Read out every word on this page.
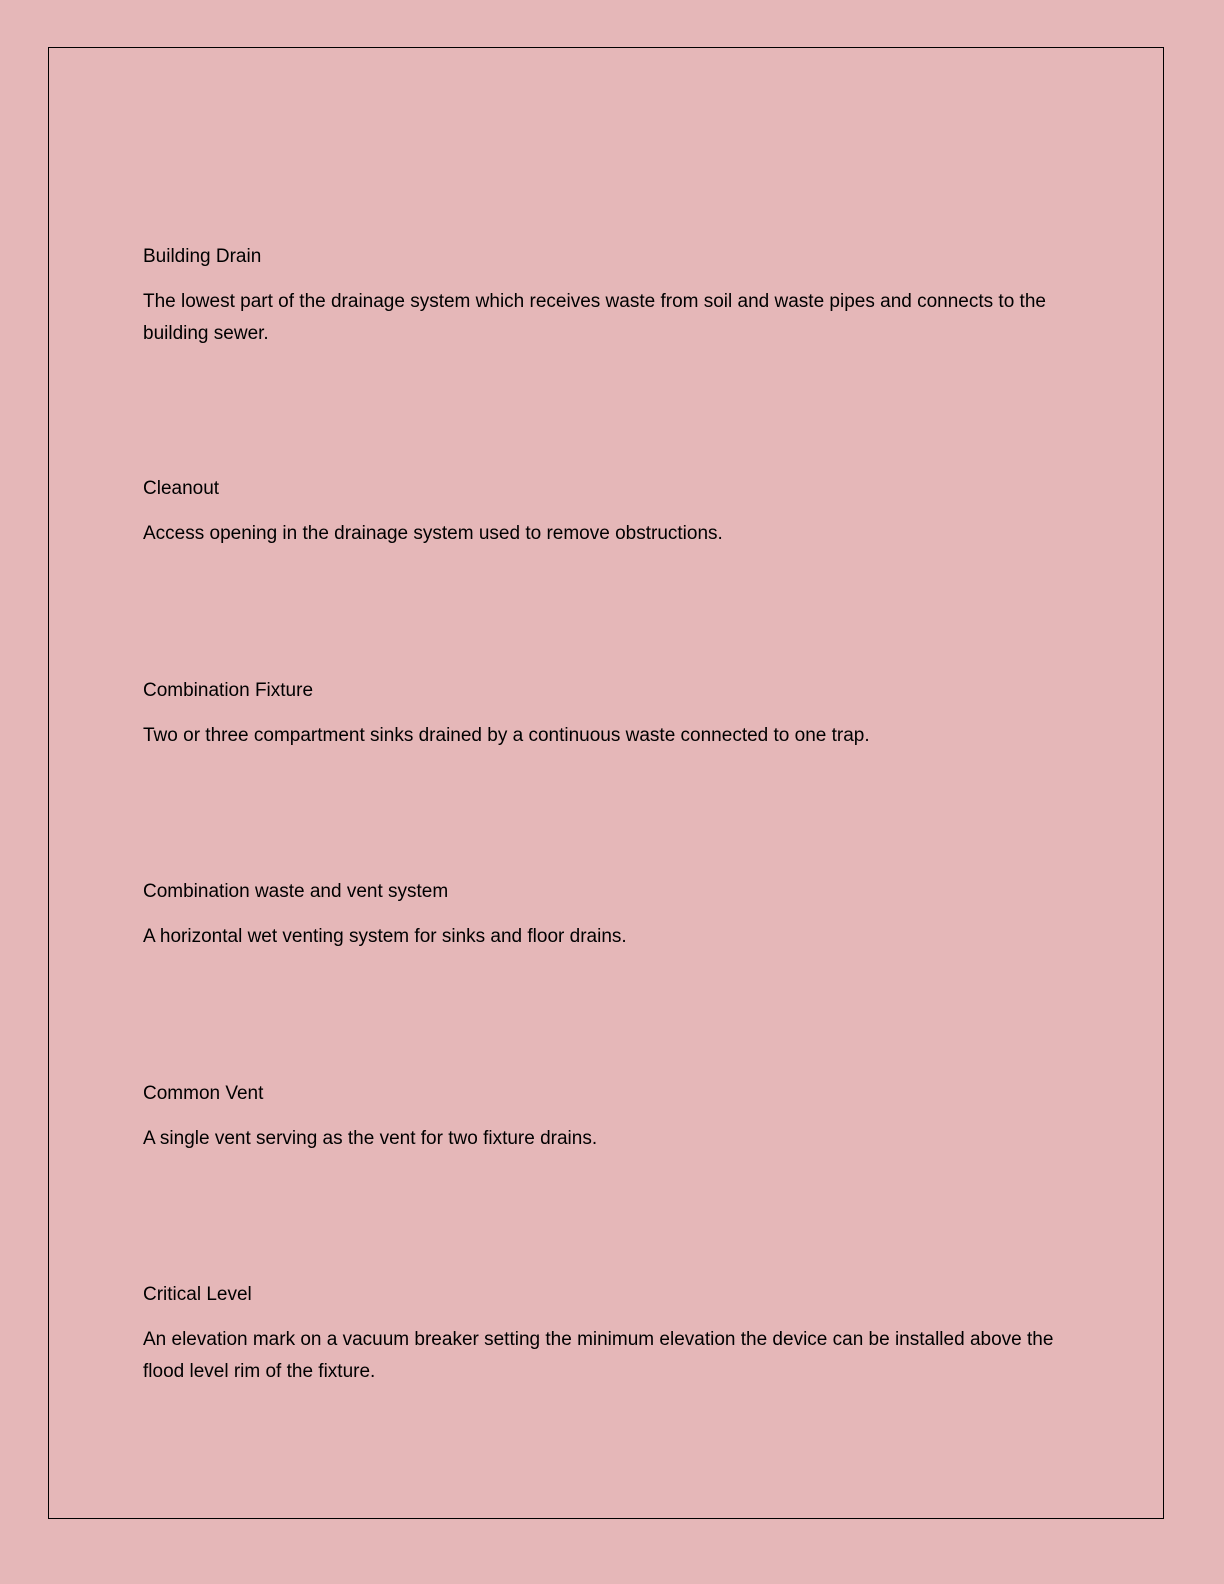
Building Drain

The lowest part of the drainage system which receives waste from soil and waste pipes and connects to the building sewer.

Cleanout

Access opening in the drainage system used to remove obstructions.

Combination Fixture

Two or three compartment sinks drained by a continuous waste connected to one trap.

Combination waste and vent system

A horizontal wet venting system for sinks and floor drains.

Common Vent

A single vent serving as the vent for two fixture drains.

Critical Level

An elevation mark on a vacuum breaker setting the minimum elevation the device can be installed above the flood level rim of the fixture.
